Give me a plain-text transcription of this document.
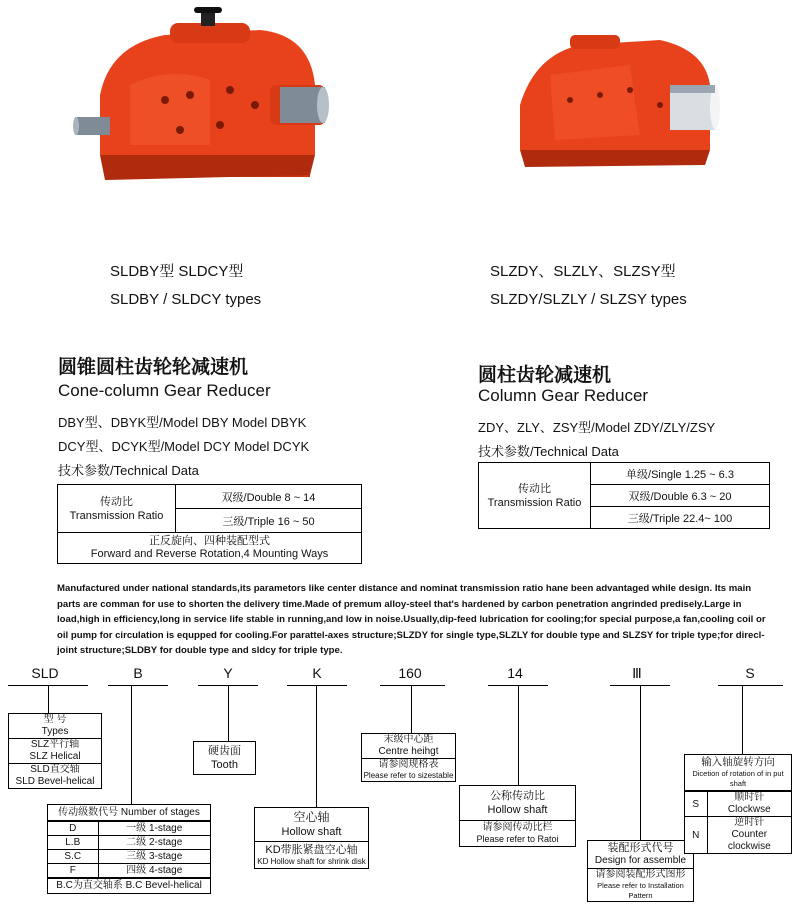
SLDBY型 SLDCY型
SLDBY / SLDCY types
SLZDY、SLZLY、SLZSY型
SLZDY/SLZLY / SLZSY types
圆锥圆柱齿轮轮减速机
Cone-column Gear Reducer
DBY型、DBYK型/Model DBY Model DBYK
DCY型、DCYK型/Model DCY Model DCYK
技术参数/Technical Data
传动比
Transmission Ratio	双级/Double 8 ~ 14
三级/Triple 16 ~ 50
正反旋向、四种装配型式
Forward and Reverse Rotation,4 Mounting Ways
圆柱齿轮减速机
Column Gear Reducer
ZDY、ZLY、ZSY型/Model ZDY/ZLY/ZSY
技术参数/Technical Data
传动比
Transmission Ratio	单级/Single 1.25 ~ 6.3
双级/Double 6.3 ~ 20
三级/Triple 22.4~ 100
Manufactured under national standards,its parametors like center distance and nominat transmission ratio hane been advantaged while design. Its main parts are comman for use to shorten the delivery time.Made of premum alloy-steel that's hardened by carbon penetration angrinded predisely.Large in load,high in efficiency,long in service life stable in running,and low in noise.Usually,dip-feed lubrication for cooling;for special purpose,a fan,cooling coil or oil pump for circulation is equpped for cooling.For parattel-axes structure;SLZDY for single type,SLZLY for double type and SLZSY for triple type;for direcl-joint structure;SLDBY for double type and sldcy for triple type.
SLD	B	Y	K	160	14	Ⅲ	S
型 号
Types
SLZ平行轴
SLZ Helical
SLD直交轴
SLD Bevel-helical
传动级数代号 Number of stages
D	一级 1-stage
L.B	二级 2-stage
S.C	三级 3-stage
F	四级 4-stage
B.C为直交轴系 B.C Bevel-helical
硬齿面
Tooth
空心轴
Hollow shaft
KD带胀紧盘空心轴
KD Hollow shaft for shrink disk
末级中心距
Centre heihgt
请参阅规格表
Please refer to sizestable
公称传动比
Hollow shaft
请参阅传动比栏
Please refer to Ratoi
装配形式代号
Design for assemble
请参阅装配形式图形
Please refer to Installation Pattern
输入轴旋转方向
Dicetion of rotation of in put shaft
S	顺时针
Clockwse

N	逆时针
Counter clockwise
